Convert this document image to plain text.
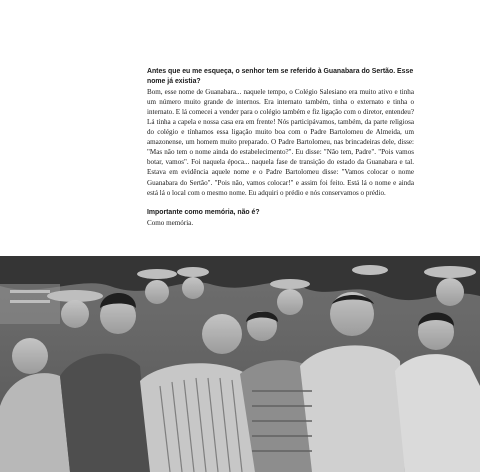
Antes que eu me esqueça, o senhor tem se referido à Guanabara do Sertão. Esse nome já existia?

Bom, esse nome de Guanabara... naquele tempo, o Colégio Salesiano era muito ativo e tinha um número muito grande de internos. Era internato também, tinha o externato e tinha o internato. E lá comecei a vender para o colégio também e fiz ligação com o diretor, entendeu? Lá tinha a capela e nossa casa era em frente! Nós participávamos, também, da parte religiosa do colégio e tínhamos essa ligação muito boa com o Padre Bartolomeu de Almeida, um amazonense, um homem muito preparado. O Padre Bartolomeu, nas brincadeiras dele, disse: "Mas não tem o nome ainda do estabelecimento?". Eu disse: "Não tem, Padre". "Pois vamos botar, vamos". Foi naquela época... naquela fase de transição do estado da Guanabara e tal. Estava em evidência aquele nome e o Padre Bartolomeu disse: "Vamos colocar o nome Guanabara do Sertão". "Pois não, vamos colocar!" e assim foi feito. Está lá o nome e ainda está lá o local com o mesmo nome. Eu adquiri o prédio e nós conservamos o prédio.

Importante como memória, não é?

Como memória.
